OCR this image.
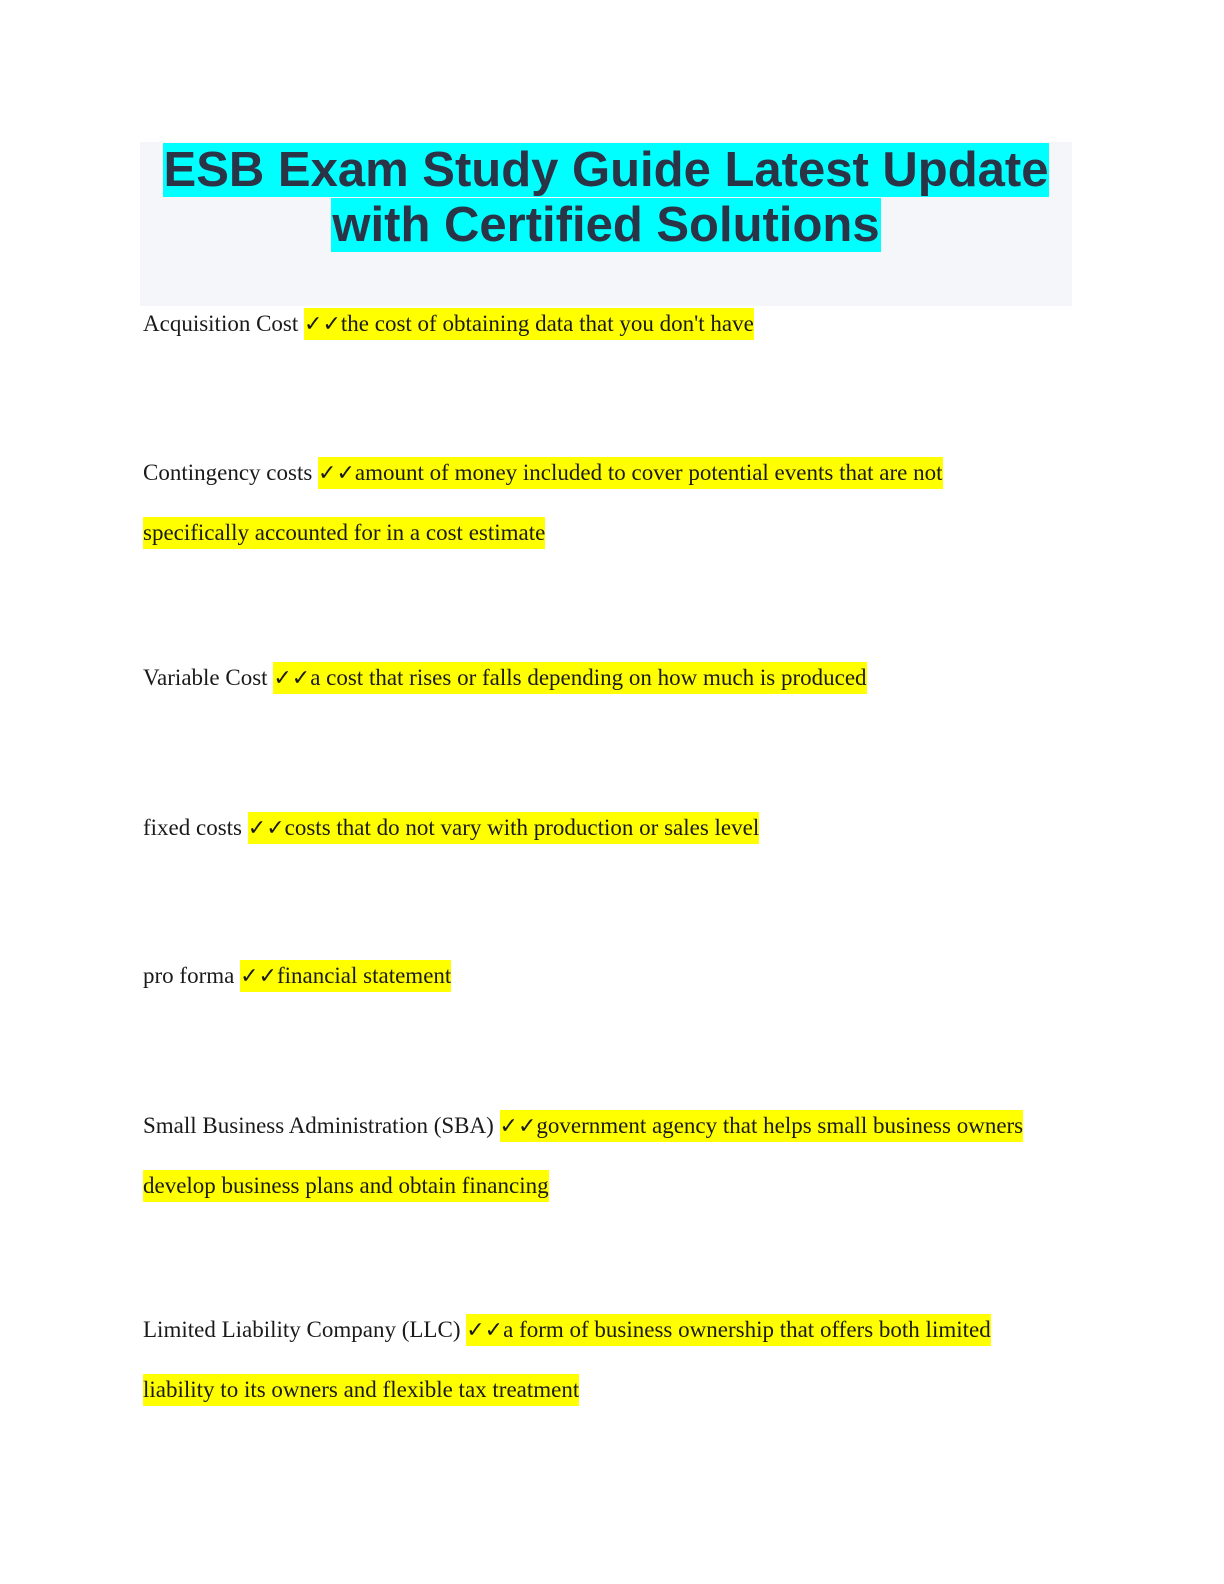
ESB Exam Study Guide Latest Update
with Certified Solutions
Acquisition Cost ✓✓the cost of obtaining data that you don't have
Contingency costs ✓✓amount of money included to cover potential events that are not
specifically accounted for in a cost estimate
Variable Cost ✓✓a cost that rises or falls depending on how much is produced
fixed costs ✓✓costs that do not vary with production or sales level
pro forma ✓✓financial statement
Small Business Administration (SBA) ✓✓government agency that helps small business owners
develop business plans and obtain financing
Limited Liability Company (LLC) ✓✓a form of business ownership that offers both limited
liability to its owners and flexible tax treatment
